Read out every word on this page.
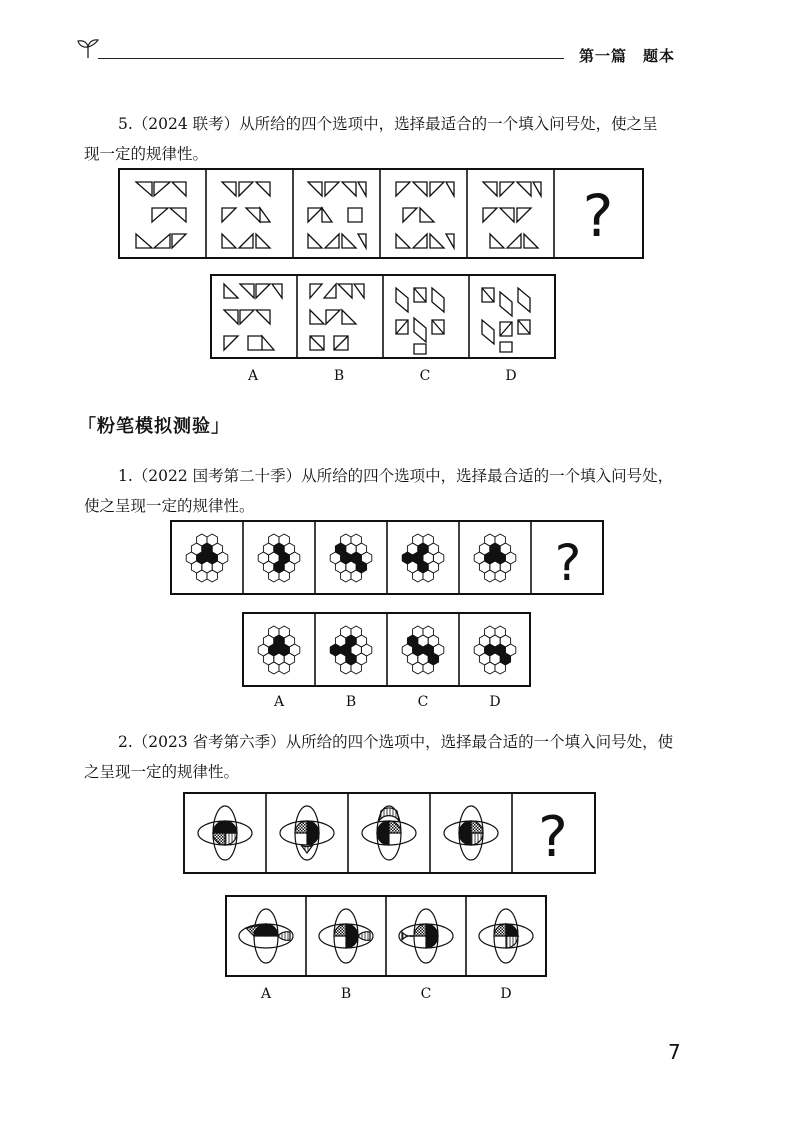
第一篇　题本
5.（2024 联考）从所给的四个选项中，选择最适合的一个填入问号处，使之呈
现一定的规律性。
?
A	B	C	D
「粉笔模拟测验」
1.（2022 国考第二十季）从所给的四个选项中，选择最合适的一个填入问号处，
使之呈现一定的规律性。
?
A	B	C	D
2.（2023 省考第六季）从所给的四个选项中，选择最合适的一个填入问号处，使
之呈现一定的规律性。
?
A	B	C	D
7
